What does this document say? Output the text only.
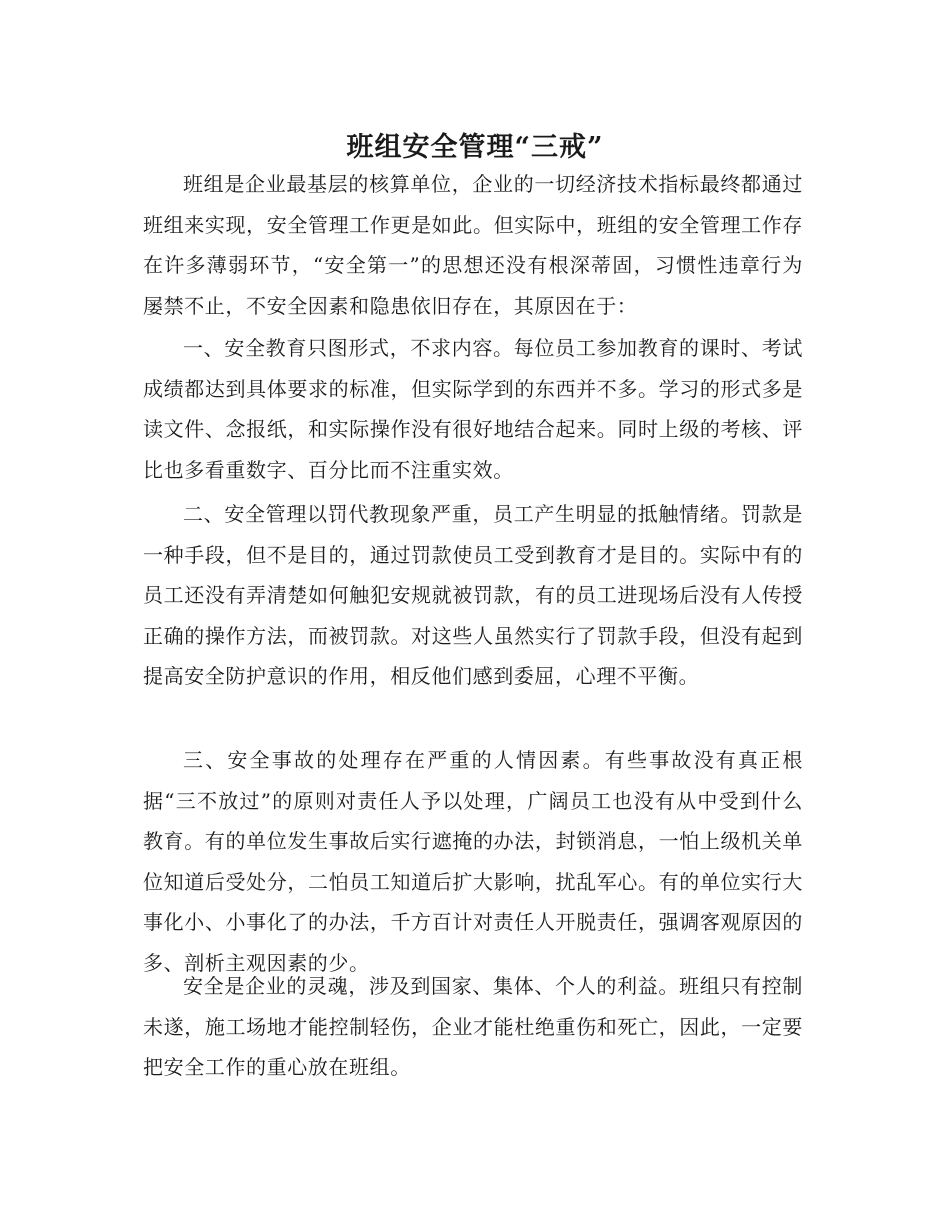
班组安全管理“三戒”

班组是企业最基层的核算单位，企业的一切经济技术指标最终都通过班组来实现，安全管理工作更是如此。但实际中，班组的安全管理工作存在许多薄弱环节，“安全第一”的思想还没有根深蒂固，习惯性违章行为屡禁不止，不安全因素和隐患依旧存在，其原因在于：

一、安全教育只图形式，不求内容。每位员工参加教育的课时、考试成绩都达到具体要求的标准，但实际学到的东西并不多。学习的形式多是读文件、念报纸，和实际操作没有很好地结合起来。同时上级的考核、评比也多看重数字、百分比而不注重实效。

二、安全管理以罚代教现象严重，员工产生明显的抵触情绪。罚款是一种手段，但不是目的，通过罚款使员工受到教育才是目的。实际中有的员工还没有弄清楚如何触犯安规就被罚款，有的员工进现场后没有人传授正确的操作方法，而被罚款。对这些人虽然实行了罚款手段，但没有起到提高安全防护意识的作用，相反他们感到委屈，心理不平衡。

三、安全事故的处理存在严重的人情因素。有些事故没有真正根据“三不放过”的原则对责任人予以处理，广阔员工也没有从中受到什么教育。有的单位发生事故后实行遮掩的办法，封锁消息，一怕上级机关单位知道后受处分，二怕员工知道后扩大影响，扰乱军心。有的单位实行大事化小、小事化了的办法，千方百计对责任人开脱责任，强调客观原因的多、剖析主观因素的少。

安全是企业的灵魂，涉及到国家、集体、个人的利益。班组只有控制未遂，施工场地才能控制轻伤，企业才能杜绝重伤和死亡，因此，一定要把安全工作的重心放在班组。
